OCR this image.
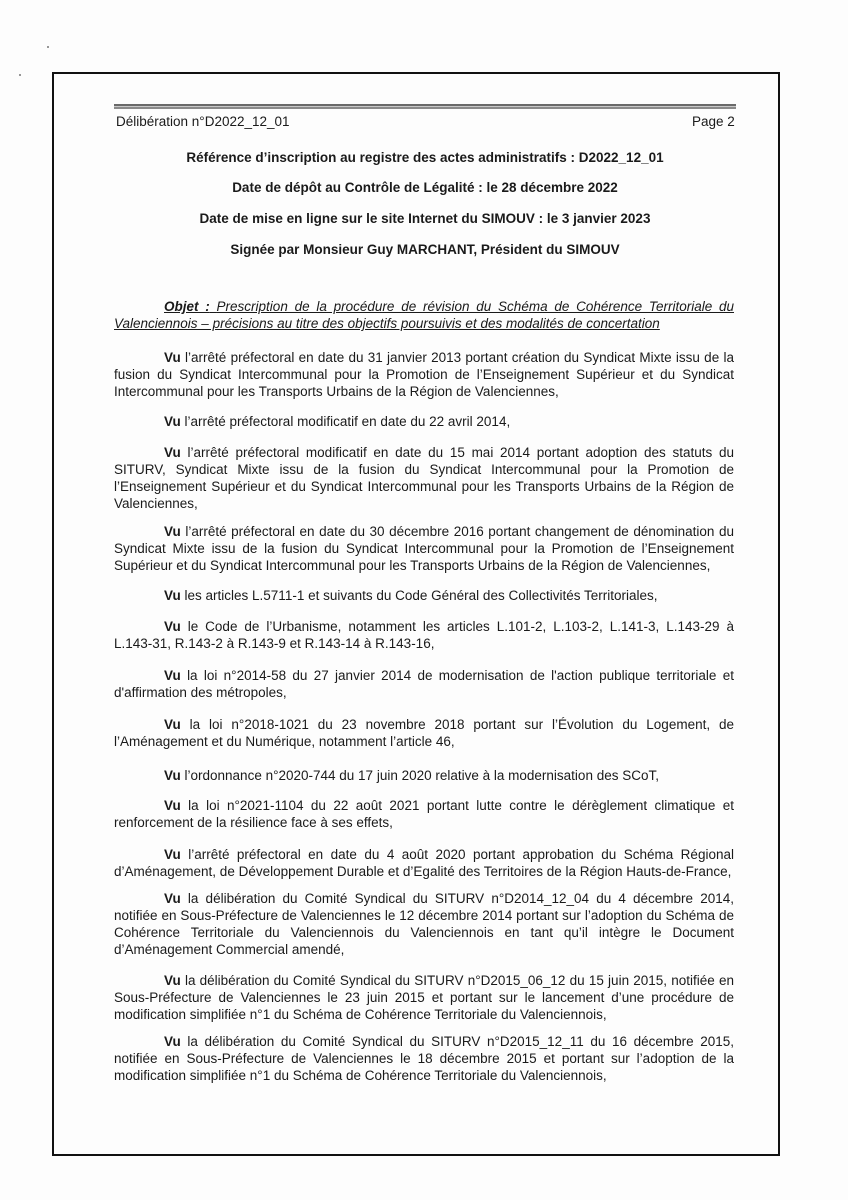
Délibération n°D2022_12_01	Page 2
Référence d’inscription au registre des actes administratifs : D2022_12_01
Date de dépôt au Contrôle de Légalité : le 28 décembre 2022
Date de mise en ligne sur le site Internet du SIMOUV : le 3 janvier 2023
Signée par Monsieur Guy MARCHANT, Président du SIMOUV
Objet : Prescription de la procédure de révision du Schéma de Cohérence Territoriale du Valenciennois – précisions au titre des objectifs poursuivis et des modalités de concertation
Vu l’arrêté préfectoral en date du 31 janvier 2013 portant création du Syndicat Mixte issu de la fusion du Syndicat Intercommunal pour la Promotion de l’Enseignement Supérieur et du Syndicat Intercommunal pour les Transports Urbains de la Région de Valenciennes,
Vu l’arrêté préfectoral modificatif en date du 22 avril 2014,
Vu l’arrêté préfectoral modificatif en date du 15 mai 2014 portant adoption des statuts du SITURV, Syndicat Mixte issu de la fusion du Syndicat Intercommunal pour la Promotion de l’Enseignement Supérieur et du Syndicat Intercommunal pour les Transports Urbains de la Région de Valenciennes,
Vu l’arrêté préfectoral en date du 30 décembre 2016 portant changement de dénomination du Syndicat Mixte issu de la fusion du Syndicat Intercommunal pour la Promotion de l’Enseignement Supérieur et du Syndicat Intercommunal pour les Transports Urbains de la Région de Valenciennes,
Vu les articles L.5711-1 et suivants du Code Général des Collectivités Territoriales,
Vu le Code de l’Urbanisme, notamment les articles L.101-2, L.103-2, L.141-3, L.143-29 à L.143-31, R.143-2 à R.143-9 et R.143-14 à R.143-16,
Vu la loi n°2014-58 du 27 janvier 2014 de modernisation de l'action publique territoriale et d'affirmation des métropoles,
Vu la loi n°2018-1021 du 23 novembre 2018 portant sur l’Évolution du Logement, de l’Aménagement et du Numérique, notamment l’article 46,
Vu l’ordonnance n°2020-744 du 17 juin 2020 relative à la modernisation des SCoT,
Vu la loi n°2021-1104 du 22 août 2021 portant lutte contre le dérèglement climatique et renforcement de la résilience face à ses effets,
Vu l’arrêté préfectoral en date du 4 août 2020 portant approbation du Schéma Régional d’Aménagement, de Développement Durable et d’Egalité des Territoires de la Région Hauts-de-France,
Vu la délibération du Comité Syndical du SITURV n°D2014_12_04 du 4 décembre 2014, notifiée en Sous-Préfecture de Valenciennes le 12 décembre 2014 portant sur l’adoption du Schéma de Cohérence Territoriale du Valenciennois du Valenciennois en tant qu’il intègre le Document d’Aménagement Commercial amendé,
Vu la délibération du Comité Syndical du SITURV n°D2015_06_12 du 15 juin 2015, notifiée en Sous-Préfecture de Valenciennes le 23 juin 2015 et portant sur le lancement d’une procédure de modification simplifiée n°1 du Schéma de Cohérence Territoriale du Valenciennois,
Vu la délibération du Comité Syndical du SITURV n°D2015_12_11 du 16 décembre 2015, notifiée en Sous-Préfecture de Valenciennes le 18 décembre 2015 et portant sur l’adoption de la modification simplifiée n°1 du Schéma de Cohérence Territoriale du Valenciennois,
